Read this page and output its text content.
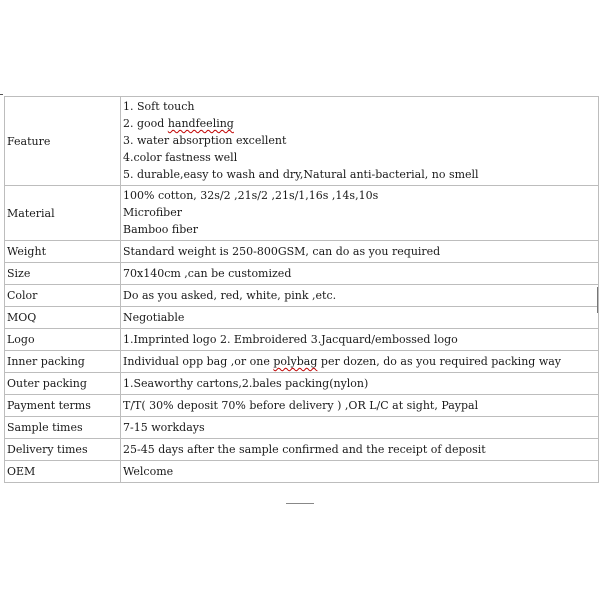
Feature	1. Soft touch
2. good handfeeling
3. water absorption excellent
4.color fastness well
5. durable,easy to wash and dry,Natural anti-bacterial, no smell

Material	100% cotton, 32s/2 ,21s/2 ,21s/1,16s ,14s,10s
Microfiber
Bamboo fiber

Weight	Standard weight is 250-800GSM, can do as you required

Size	70x140cm ,can be customized

Color	Do as you asked, red, white, pink ,etc.

MOQ	Negotiable

Logo	1.Imprinted logo 2. Embroidered 3.Jacquard/embossed logo

Inner packing	Individual opp bag ,or one polybag per dozen, do as you required packing way

Outer packing	1.Seaworthy cartons,2.bales packing(nylon)

Payment terms	T/T( 30% deposit 70% before delivery ) ,OR L/C at sight, Paypal

Sample times	7-15 workdays

Delivery times	25-45 days after the sample confirmed and the receipt of deposit

OEM	Welcome
